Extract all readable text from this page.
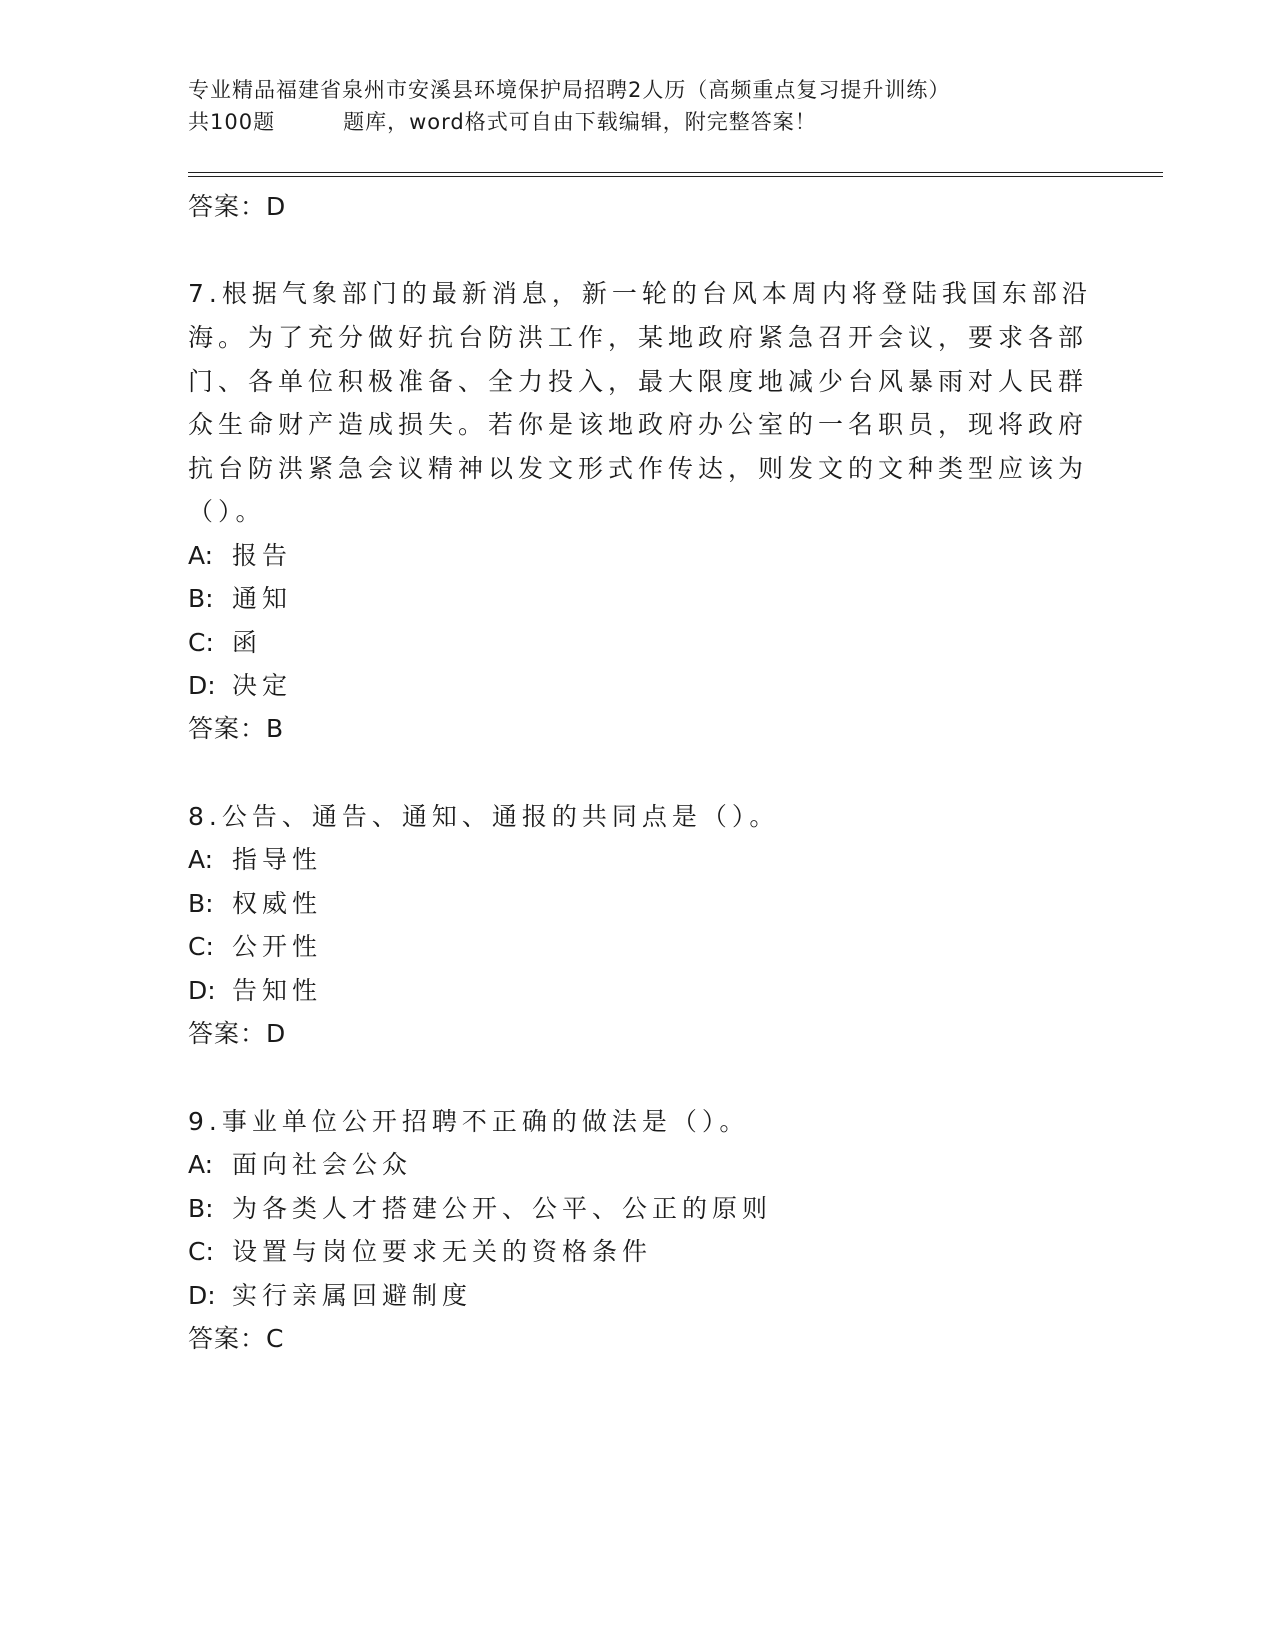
专业精品福建省泉州市安溪县环境保护局招聘2人历（高频重点复习提升训练）
共100题	题库，word格式可自由下载编辑，附完整答案！
答案：D
7.根据气象部门的最新消息，新一轮的台风本周内将登陆我国东部沿
海。为了充分做好抗台防洪工作，某地政府紧急召开会议，要求各部
门、各单位积极准备、全力投入，最大限度地减少台风暴雨对人民群
众生命财产造成损失。若你是该地政府办公室的一名职员，现将政府
抗台防洪紧急会议精神以发文形式作传达，则发文的文种类型应该为
（）。
A: 报告
B: 通知
C: 函
D: 决定
答案：B
8.公告、通告、通知、通报的共同点是（）。
A: 指导性
B: 权威性
C: 公开性
D: 告知性
答案：D
9.事业单位公开招聘不正确的做法是（）。
A: 面向社会公众
B: 为各类人才搭建公开、公平、公正的原则
C: 设置与岗位要求无关的资格条件
D: 实行亲属回避制度
答案：C
